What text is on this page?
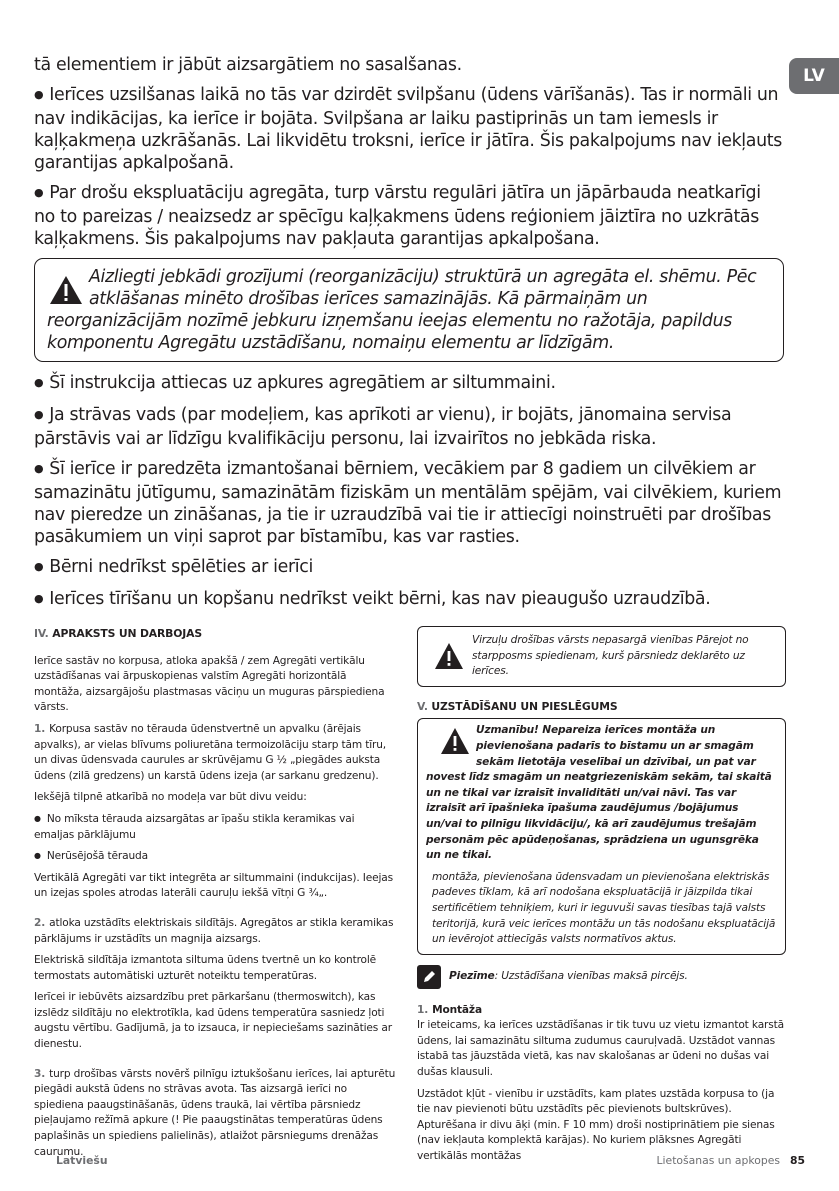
LV

tā elementiem ir jābūt aizsargātiem no sasalšanas.

● Ierīces uzsilšanas laikā no tās var dzirdēt svilpšanu (ūdens vārīšanās). Tas ir normāli un nav indikācijas, ka ierīce ir bojāta. Svilpšana ar laiku pastiprinās un tam iemesls ir kaļķakmeņa uzkrāšanās. Lai likvidētu troksni, ierīce ir jātīra. Šis pakalpojums nav iekļauts garantijas apkalpošanā.

● Par drošu ekspluatāciju agregāta, turp vārstu regulāri jātīra un jāpārbauda neatkarīgi no to pareizas / neaizsedz ar spēcīgu kaļķakmens ūdens reģioniem jāiztīra no uzkrātās kaļķakmens. Šis pakalpojums nav pakļauta garantijas apkalpošana.

Aizliegti jebkādi grozījumi (reorganizāciju) struktūrā un agregāta el. shēmu. Pēc atklāšanas minēto drošības ierīces samazinājās. Kā pārmaiņām un reorganizācijām nozīmē jebkuru izņemšanu ieejas elementu no ražotāja, papildus komponentu Agregātu uzstādīšanu, nomaiņu elementu ar līdzīgām.

● Šī instrukcija attiecas uz apkures agregātiem ar siltummaini.

● Ja strāvas vads (par modeļiem, kas aprīkoti ar vienu), ir bojāts, jānomaina servisa pārstāvis vai ar līdzīgu kvalifikāciju personu, lai izvairītos no jebkāda riska.

● Šī ierīce ir paredzēta izmantošanai bērniem, vecākiem par 8 gadiem un cilvēkiem ar samazinātu jūtīgumu, samazinātām fiziskām un mentālām spējām, vai cilvēkiem, kuriem nav pieredze un zināšanas, ja tie ir uzraudzībā vai tie ir attiecīgi noinstruēti par drošības pasākumiem un viņi saprot par bīstamību, kas var rasties.

● Bērni nedrīkst spēlēties ar ierīci

● Ierīces tīrīšanu un kopšanu nedrīkst veikt bērni, kas nav pieaugušo uzraudzībā.

IV. APRAKSTS UN DARBOJAS

Ierīce sastāv no korpusa, atloka apakšā / zem Agregāti vertikālu uzstādīšanas vai ārpuskopienas valstīm Agregāti horizontālā montāža, aizsargājošu plastmasas vāciņu un muguras pārspiediena vārsts.

1. Korpusa sastāv no tērauda ūdenstvertnē un apvalku (ārējais apvalks), ar vielas blīvums poliuretāna termoizolāciju starp tām tīru, un divas ūdensvada caurules ar skrūvējamu G ½ „piegādes auksta ūdens (zilā gredzens) un karstā ūdens izeja (ar sarkanu gredzenu).

Iekšējā tilpnē atkarībā no modeļa var būt divu veidu:

● No mīksta tērauda aizsargātas ar īpašu stikla keramikas vai emaljas pārklājumu

● Nerūsējošā tērauda

Vertikālā Agregāti var tikt integrēta ar siltummaini (indukcijas). Ieejas un izejas spoles atrodas laterāli cauruļu iekšā vītņi G ¾„.

2. atloka uzstādīts elektriskais sildītājs. Agregātos ar stikla keramikas pārklājums ir uzstādīts un magnija aizsargs.

Elektriskā sildītāja izmantota siltuma ūdens tvertnē un ko kontrolē termostats automātiski uzturēt noteiktu temperatūras.

Ierīcei ir iebūvēts aizsardzību pret pārkaršanu (thermoswitch), kas izslēdz sildītāju no elektrotīkla, kad ūdens temperatūra sasniedz ļoti augstu vērtību. Gadījumā, ja to izsauca, ir nepieciešams sazināties ar dienestu.

3. turp drošības vārsts novērš pilnīgu iztukšošanu ierīces, lai apturētu piegādi aukstā ūdens no strāvas avota. Tas aizsargā ierīci no spiediena paaugstināšanās, ūdens traukā, lai vērtība pārsniedz pieļaujamo režīmā apkure (! Pie paaugstinātas temperatūras ūdens paplašinās un spiediens palielinās), atlaižot pārsniegums drenāžas caurumu.

Virzuļu drošības vārsts nepasargā vienības Pārejot no starpposms spiedienam, kurš pārsniedz deklarēto uz ierīces.
V. UZSTĀDĪŠANU UN PIESLĒGUMS

Uzmanību! Nepareiza ierīces montāža un pievienošana padarīs to bīstamu un ar smagām sekām lietotāja veselībai un dzīvībai, un pat var novest līdz smagām un neatgriezeniskām sekām, tai skaitā un ne tikai var izraisīt invaliditāti un/vai nāvi. Tas var izraisīt arī īpašnieka īpašuma zaudējumus /bojājumus un/vai to pilnīgu likvidāciju/, kā arī zaudējumus trešajām personām pēc apūdeņošanas, sprādziena un ugunsgrēka un ne tikai.

montāža, pievienošana ūdensvadam un pievienošana elektriskās padeves tīklam, kā arī nodošana ekspluatācijā ir jāizpilda tikai sertificētiem tehniķiem, kuri ir ieguvuši savas tiesības tajā valsts teritorijā, kurā veic ierīces montāžu un tās nodošanu ekspluatācijā un ievērojot attiecīgās valsts normatīvos aktus.

Piezīme: Uzstādīšana vienības maksā pircējs.

1. Montāža

Ir ieteicams, ka ierīces uzstādīšanas ir tik tuvu uz vietu izmantot karstā ūdens, lai samazinātu siltuma zudumus cauruļvadā. Uzstādot vannas istabā tas jāuzstāda vietā, kas nav skalošanas ar ūdeni no dušas vai dušas klausuli.

Uzstādot kļūt - vienību ir uzstādīts, kam plates uzstāda korpusa to (ja tie nav pievienoti būtu uzstādīts pēc pievienots bultskrūves). Apturēšana ir divu āķi (min. F 10 mm) droši nostiprinātiem pie sienas (nav iekļauta komplektā karājas). No kuriem plāksnes Agregāti vertikālās montāžas

Latviešu	Lietošanas un apkopes 85
